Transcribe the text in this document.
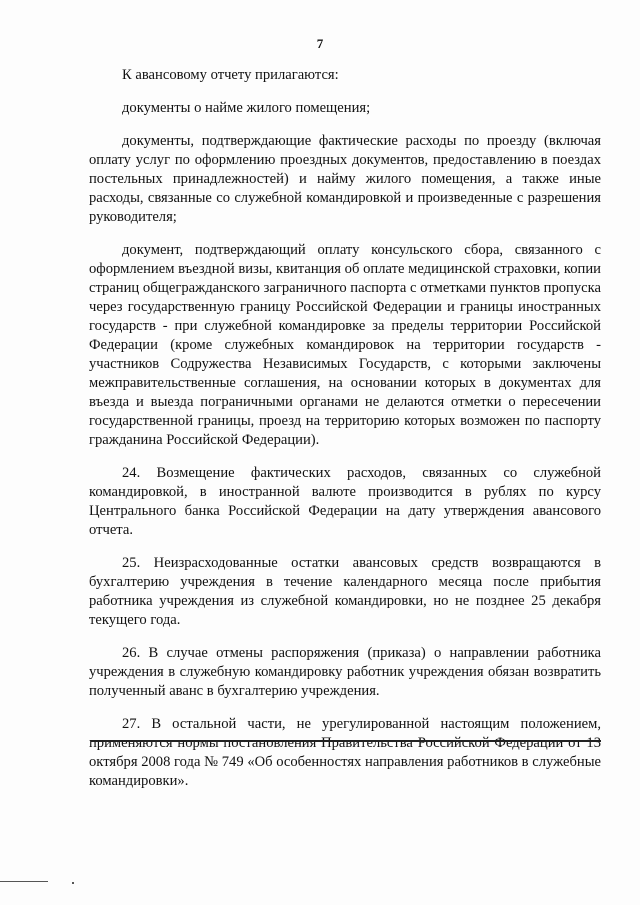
7

К авансовому отчету прилагаются:

документы о найме жилого помещения;

документы, подтверждающие фактические расходы по проезду (включая оплату услуг по оформлению проездных документов, предоставлению в поездах постельных принадлежностей) и найму жилого помещения, а также иные расходы, связанные со служебной командировкой и произведенные с разрешения руководителя;

документ, подтверждающий оплату консульского сбора, связанного с оформлением въездной визы, квитанция об оплате медицинской страховки, копии страниц общегражданского заграничного паспорта с отметками пунктов пропуска через государственную границу Российской Федерации и границы иностранных государств - при служебной командировке за пределы территории Российской Федерации (кроме служебных командировок на территории государств - участников Содружества Независимых Государств, с которыми заключены межправительственные соглашения, на основании которых в документах для въезда и выезда пограничными органами не делаются отметки о пересечении государственной границы, проезд на территорию которых возможен по паспорту гражданина Российской Федерации).

24. Возмещение фактических расходов, связанных со служебной командировкой, в иностранной валюте производится в рублях по курсу Центрального банка Российской Федерации на дату утверждения авансового отчета.

25. Неизрасходованные остатки авансовых средств возвращаются в бухгалтерию учреждения в течение календарного месяца после прибытия работника учреждения из служебной командировки, но не позднее 25 декабря текущего года.

26. В случае отмены распоряжения (приказа) о направлении работника учреждения в служебную командировку работник учреждения обязан возвратить полученный аванс в бухгалтерию учреждения.

27. В остальной части, не урегулированной настоящим положением, применяются нормы постановления Правительства Российской Федерации от 13 октября 2008 года № 749 «Об особенностях направления работников в служебные командировки».
